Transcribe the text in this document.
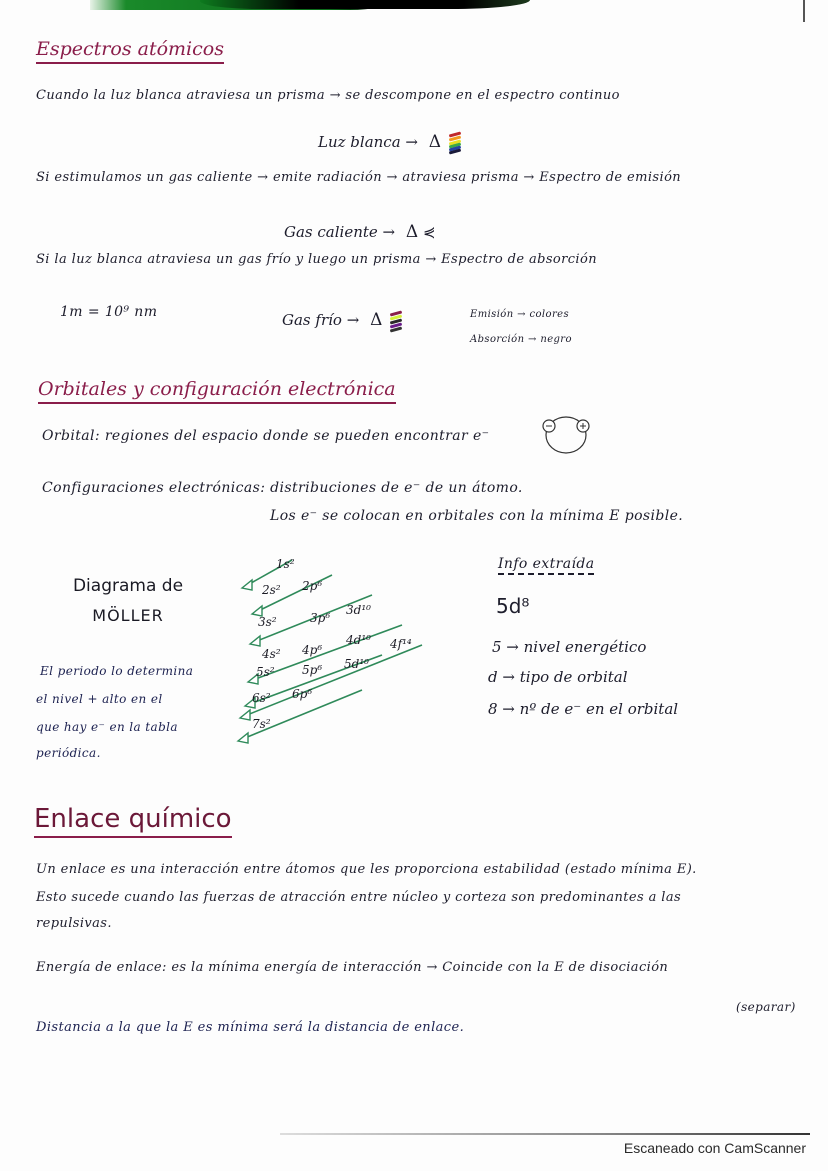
Espectros atómicos
Cuando la luz blanca atraviesa un prisma → se descompone en el espectro continuo
Luz blanca → Δ
Si estimulamos un gas caliente → emite radiación → atraviesa prisma → Espectro de emisión
Gas caliente → Δ ⋞
Si la luz blanca atraviesa un gas frío y luego un prisma → Espectro de absorción
1m = 10⁹ nm	Gas frío → Δ	Emisión → colores
Absorción → negro
Orbitales y configuración electrónica
Orbital: regiones del espacio donde se pueden encontrar e⁻
Configuraciones electrónicas: distribuciones de e⁻ de un átomo.
Los e⁻ se colocan en orbitales con la mínima E posible.
Diagrama de
MÖLLER
El periodo lo determina
el nivel + alto en el
que hay e⁻ en la tabla
periódica.
1s²
2s² 2p⁶
3s²	3p⁶
3d¹⁰
4s² 4p⁶
4d¹⁰ 4f¹⁴
5s² 5p⁶ 5d¹⁰
6s² 6p⁶
7s²
Info extraída
5d⁸
5 → nivel energético
d → tipo de orbital
8 → nº de e⁻ en el orbital
Enlace químico
Un enlace es una interacción entre átomos que les proporciona estabilidad (estado mínima E).
Esto sucede cuando las fuerzas de atracción entre núcleo y corteza son predominantes a las
repulsivas.
Energía de enlace: es la mínima energía de interacción → Coincide con la E de disociación
(separar)
Distancia a la que la E es mínima será la distancia de enlace.
Escaneado con CamScanner
